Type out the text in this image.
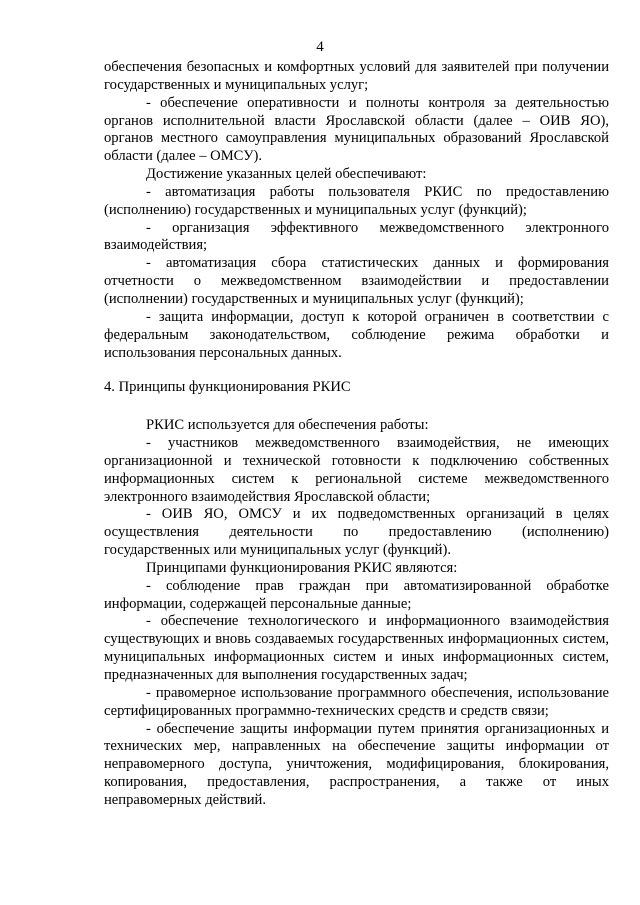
4

обеспечения безопасных и комфортных условий для заявителей при получении государственных и муниципальных услуг;

- обеспечение оперативности и полноты контроля за деятельностью органов исполнительной власти Ярославской области (далее – ОИВ ЯО), органов местного самоуправления муниципальных образований Ярославской области (далее – ОМСУ).

Достижение указанных целей обеспечивают:

- автоматизация работы пользователя РКИС по предоставлению (исполнению) государственных и муниципальных услуг (функций);

- организация эффективного межведомственного электронного взаимодействия;

- автоматизация сбора статистических данных и формирования отчетности о межведомственном взаимодействии и предоставлении (исполнении) государственных и муниципальных услуг (функций);

- защита информации, доступ к которой ограничен в соответствии с федеральным законодательством, соблюдение режима обработки и использования персональных данных.

4. Принципы функционирования РКИС

РКИС используется для обеспечения работы:

- участников межведомственного взаимодействия, не имеющих организационной и технической готовности к подключению собственных информационных систем к региональной системе межведомственного электронного взаимодействия Ярославской области;

- ОИВ ЯО, ОМСУ и их подведомственных организаций в целях осуществления деятельности по предоставлению (исполнению) государственных или муниципальных услуг (функций).

Принципами функционирования РКИС являются:

- соблюдение прав граждан при автоматизированной обработке информации, содержащей персональные данные;

- обеспечение технологического и информационного взаимодействия существующих и вновь создаваемых государственных информационных систем, муниципальных информационных систем и иных информационных систем, предназначенных для выполнения государственных задач;

- правомерное использование программного обеспечения, использование сертифицированных программно-технических средств и средств связи;

- обеспечение защиты информации путем принятия организационных и технических мер, направленных на обеспечение защиты информации от неправомерного доступа, уничтожения, модифицирования, блокирования, копирования, предоставления, распространения, а также от иных неправомерных действий.
